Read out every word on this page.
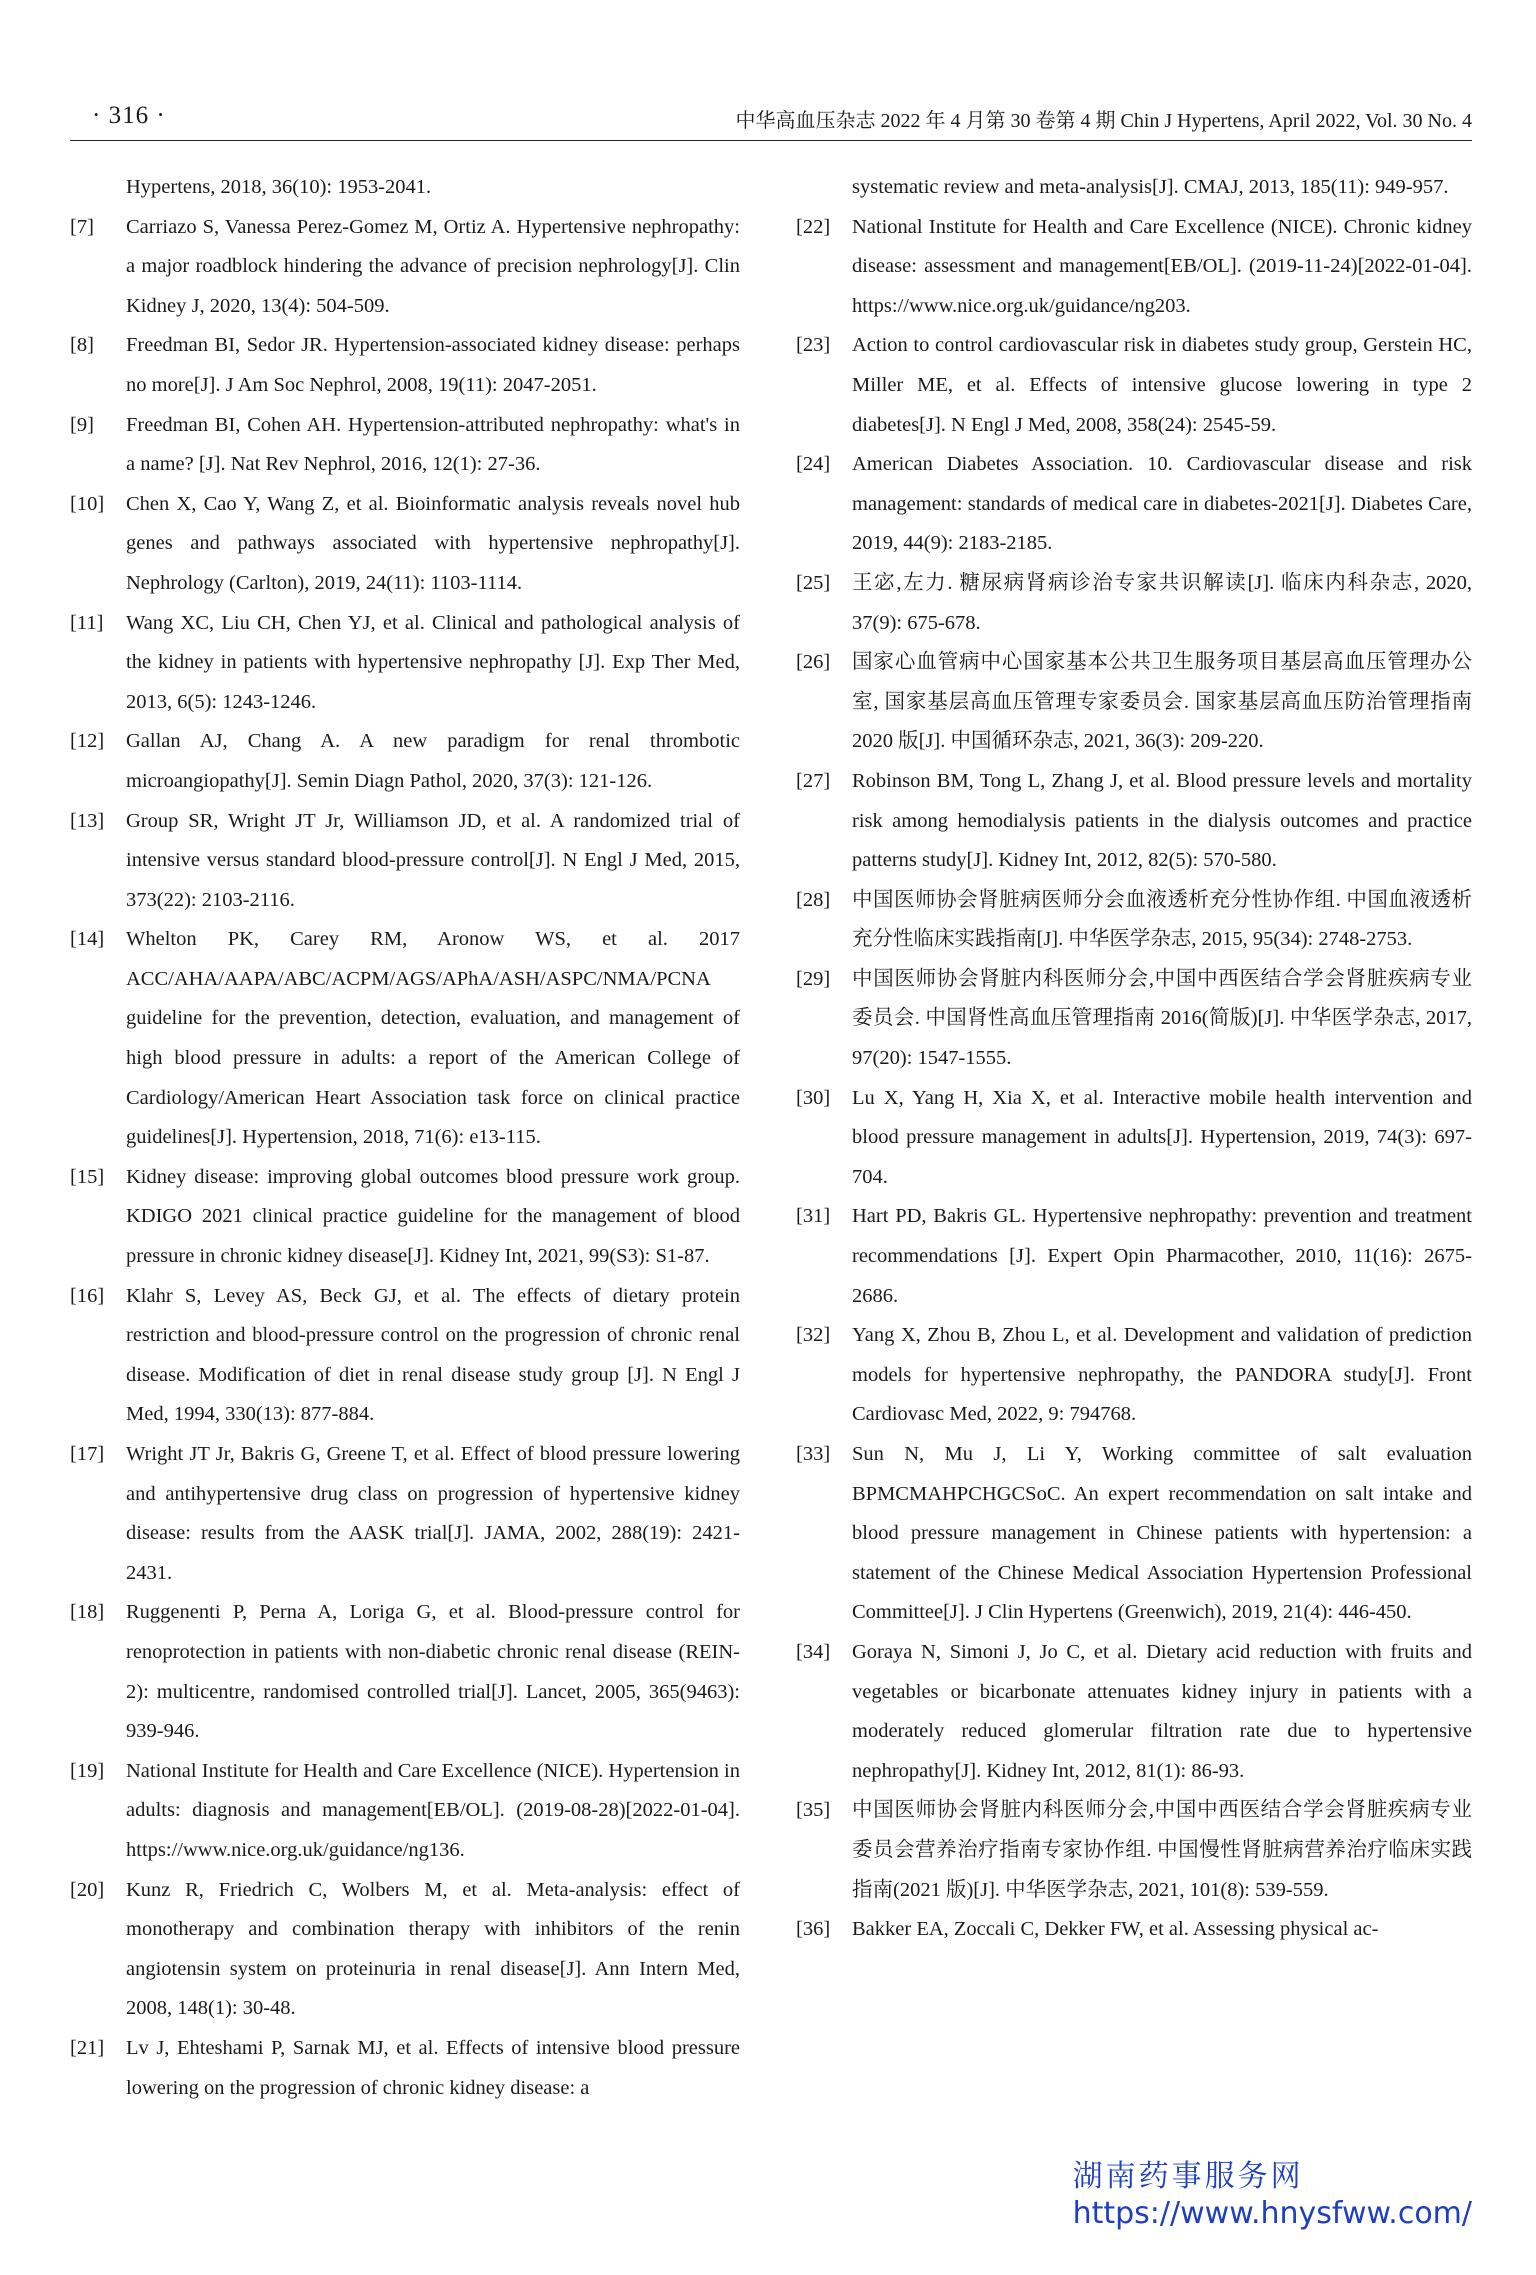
· 316 ·	中华高血压杂志 2022 年 4 月第 30 卷第 4 期 Chin J Hypertens, April 2022, Vol. 30 No. 4
Hypertens, 2018, 36(10): 1953-2041.
[7]	Carriazo S, Vanessa Perez-Gomez M, Ortiz A. Hypertensive nephropathy: a major roadblock hindering the advance of precision nephrology[J]. Clin Kidney J, 2020, 13(4): 504-509.
[8]	Freedman BI, Sedor JR. Hypertension-associated kidney disease: perhaps no more[J]. J Am Soc Nephrol, 2008, 19(11): 2047-2051.
[9]	Freedman BI, Cohen AH. Hypertension-attributed nephropathy: what's in a name? [J]. Nat Rev Nephrol, 2016, 12(1): 27-36.
[10]	Chen X, Cao Y, Wang Z, et al. Bioinformatic analysis reveals novel hub genes and pathways associated with hypertensive nephropathy[J]. Nephrology (Carlton), 2019, 24(11): 1103-1114.
[11]	Wang XC, Liu CH, Chen YJ, et al. Clinical and pathological analysis of the kidney in patients with hypertensive nephropathy [J]. Exp Ther Med, 2013, 6(5): 1243-1246.
[12]	Gallan AJ, Chang A. A new paradigm for renal thrombotic microangiopathy[J]. Semin Diagn Pathol, 2020, 37(3): 121-126.
[13]	Group SR, Wright JT Jr, Williamson JD, et al. A randomized trial of intensive versus standard blood-pressure control[J]. N Engl J Med, 2015, 373(22): 2103-2116.
[14]	Whelton PK, Carey RM, Aronow WS, et al. 2017 ACC/AHA/AAPA/ABC/ACPM/AGS/APhA/ASH/ASPC/NMA/PCNA guideline for the prevention, detection, evaluation, and management of high blood pressure in adults: a report of the American College of Cardiology/American Heart Association task force on clinical practice guidelines[J]. Hypertension, 2018, 71(6): e13-115.
[15]	Kidney disease: improving global outcomes blood pressure work group. KDIGO 2021 clinical practice guideline for the management of blood pressure in chronic kidney disease[J]. Kidney Int, 2021, 99(S3): S1-87.
[16]	Klahr S, Levey AS, Beck GJ, et al. The effects of dietary protein restriction and blood-pressure control on the progression of chronic renal disease. Modification of diet in renal disease study group [J]. N Engl J Med, 1994, 330(13): 877-884.
[17]	Wright JT Jr, Bakris G, Greene T, et al. Effect of blood pressure lowering and antihypertensive drug class on progression of hypertensive kidney disease: results from the AASK trial[J]. JAMA, 2002, 288(19): 2421-2431.
[18]	Ruggenenti P, Perna A, Loriga G, et al. Blood-pressure control for renoprotection in patients with non-diabetic chronic renal disease (REIN-2): multicentre, randomised controlled trial[J]. Lancet, 2005, 365(9463): 939-946.
[19]	National Institute for Health and Care Excellence (NICE). Hypertension in adults: diagnosis and management[EB/OL]. (2019-08-28)[2022-01-04]. https://www.nice.org.uk/guidance/ng136.
[20]	Kunz R, Friedrich C, Wolbers M, et al. Meta-analysis: effect of monotherapy and combination therapy with inhibitors of the renin angiotensin system on proteinuria in renal disease[J]. Ann Intern Med, 2008, 148(1): 30-48.
[21]	Lv J, Ehteshami P, Sarnak MJ, et al. Effects of intensive blood pressure lowering on the progression of chronic kidney disease: a
systematic review and meta-analysis[J]. CMAJ, 2013, 185(11): 949-957.
[22]	National Institute for Health and Care Excellence (NICE). Chronic kidney disease: assessment and management[EB/OL]. (2019-11-24)[2022-01-04]. https://www.nice.org.uk/guidance/ng203.
[23]	Action to control cardiovascular risk in diabetes study group, Gerstein HC, Miller ME, et al. Effects of intensive glucose lowering in type 2 diabetes[J]. N Engl J Med, 2008, 358(24): 2545-59.
[24]	American Diabetes Association. 10. Cardiovascular disease and risk management: standards of medical care in diabetes-2021[J]. Diabetes Care, 2019, 44(9): 2183-2185.
[25]	王宓,左力. 糖尿病肾病诊治专家共识解读[J]. 临床内科杂志, 2020, 37(9): 675-678.
[26]	国家心血管病中心国家基本公共卫生服务项目基层高血压管理办公室, 国家基层高血压管理专家委员会. 国家基层高血压防治管理指南 2020 版[J]. 中国循环杂志, 2021, 36(3): 209-220.
[27]	Robinson BM, Tong L, Zhang J, et al. Blood pressure levels and mortality risk among hemodialysis patients in the dialysis outcomes and practice patterns study[J]. Kidney Int, 2012, 82(5): 570-580.
[28]	中国医师协会肾脏病医师分会血液透析充分性协作组. 中国血液透析充分性临床实践指南[J]. 中华医学杂志, 2015, 95(34): 2748-2753.
[29]	中国医师协会肾脏内科医师分会,中国中西医结合学会肾脏疾病专业委员会. 中国肾性高血压管理指南 2016(简版)[J]. 中华医学杂志, 2017, 97(20): 1547-1555.
[30]	Lu X, Yang H, Xia X, et al. Interactive mobile health intervention and blood pressure management in adults[J]. Hypertension, 2019, 74(3): 697-704.
[31]	Hart PD, Bakris GL. Hypertensive nephropathy: prevention and treatment recommendations [J]. Expert Opin Pharmacother, 2010, 11(16): 2675-2686.
[32]	Yang X, Zhou B, Zhou L, et al. Development and validation of prediction models for hypertensive nephropathy, the PANDORA study[J]. Front Cardiovasc Med, 2022, 9: 794768.
[33]	Sun N, Mu J, Li Y, Working committee of salt evaluation BPMCMAHPCHGCSoC. An expert recommendation on salt intake and blood pressure management in Chinese patients with hypertension: a statement of the Chinese Medical Association Hypertension Professional Committee[J]. J Clin Hypertens (Greenwich), 2019, 21(4): 446-450.
[34]	Goraya N, Simoni J, Jo C, et al. Dietary acid reduction with fruits and vegetables or bicarbonate attenuates kidney injury in patients with a moderately reduced glomerular filtration rate due to hypertensive nephropathy[J]. Kidney Int, 2012, 81(1): 86-93.
[35]	中国医师协会肾脏内科医师分会,中国中西医结合学会肾脏疾病专业委员会营养治疗指南专家协作组. 中国慢性肾脏病营养治疗临床实践指南(2021 版)[J]. 中华医学杂志, 2021, 101(8): 539-559.
[36]	Bakker EA, Zoccali C, Dekker FW, et al. Assessing physical ac-
湖南药事服务网
https://www.hnysfww.com/
